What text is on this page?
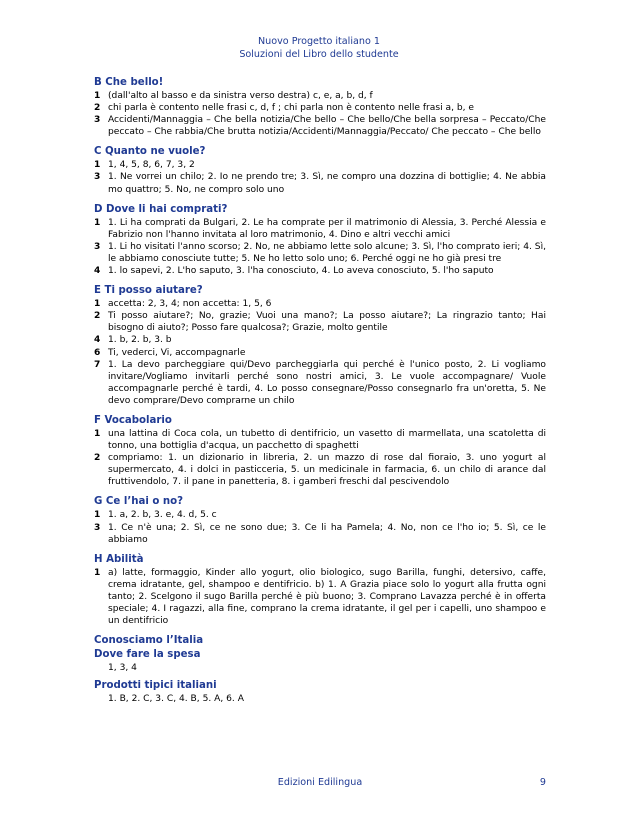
Nuovo Progetto italiano 1
Soluzioni del Libro dello studente
B Che bello!
1 (dall'alto al basso e da sinistra verso destra) c, e, a, b, d, f
2 chi parla è contento nelle frasi c, d, f ; chi parla non è contento nelle frasi a, b, e
3 Accidenti/Mannaggia – Che bella notizia/Che bello – Che bello/Che bella sorpresa – Peccato/Che peccato – Che rabbia/Che brutta notizia/Accidenti/Mannaggia/Peccato/ Che peccato – Che bello
C Quanto ne vuole?
1 1, 4, 5, 8, 6, 7, 3, 2
3 1. Ne vorrei un chilo; 2. Io ne prendo tre; 3. Sì, ne compro una dozzina di bottiglie; 4. Ne abbia mo quattro; 5. No, ne compro solo uno
D Dove li hai comprati?
1 1. Li ha comprati da Bulgari, 2. Le ha comprate per il matrimonio di Alessia, 3. Perché Alessia e Fabrizio non l'hanno invitata al loro matrimonio, 4. Dino e altri vecchi amici
3 1. Li ho visitati l'anno scorso; 2. No, ne abbiamo lette solo alcune; 3. Sì, l'ho comprato ieri; 4. Sì, le abbiamo conosciute tutte; 5. Ne ho letto solo uno; 6. Perché oggi ne ho già presi tre
4 1. lo sapevi, 2. L'ho saputo, 3. l'ha conosciuto, 4. Lo aveva conosciuto, 5. l'ho saputo
E Ti posso aiutare?
1 accetta: 2, 3, 4; non accetta: 1, 5, 6
2 Ti posso aiutare?; No, grazie; Vuoi una mano?; La posso aiutare?; La ringrazio tanto; Hai bisogno di aiuto?; Posso fare qualcosa?; Grazie, molto gentile
4 1. b, 2. b, 3. b
6 Ti, vederci, Vi, accompagnarle
7 1. La devo parcheggiare qui/Devo parcheggiarla qui perché è l'unico posto, 2. Li vogliamo invitare/Vogliamo invitarli perché sono nostri amici, 3. Le vuole accompagnare/ Vuole accompagnarle perché è tardi, 4. Lo posso consegnare/Posso consegnarlo fra un'oretta, 5. Ne devo comprare/Devo comprarne un chilo
F Vocabolario
1 una lattina di Coca cola, un tubetto di dentifricio, un vasetto di marmellata, una scatoletta di tonno, una bottiglia d'acqua, un pacchetto di spaghetti
2 compriamo: 1. un dizionario in libreria, 2. un mazzo di rose dal fioraio, 3. uno yogurt al supermercato, 4. i dolci in pasticceria, 5. un medicinale in farmacia, 6. un chilo di arance dal fruttivendolo, 7. il pane in panetteria, 8. i gamberi freschi dal pescivendolo
G Ce l’hai o no?
1 1. a, 2. b, 3. e, 4. d, 5. c
3 1. Ce n'è una; 2. Sì, ce ne sono due; 3. Ce li ha Pamela; 4. No, non ce l'ho io; 5. Sì, ce le abbiamo
H Abilità
1 a) latte, formaggio, Kinder allo yogurt, olio biologico, sugo Barilla, funghi, detersivo, caffe, crema idratante, gel, shampoo e dentifricio. b) 1. A Grazia piace solo lo yogurt alla frutta ogni tanto; 2. Scelgono il sugo Barilla perché è più buono; 3. Comprano Lavazza perché è in offerta speciale; 4. I ragazzi, alla fine, comprano la crema idratante, il gel per i capelli, uno shampoo e un dentifricio
Conosciamo l’Italia
Dove fare la spesa
1, 3, 4
Prodotti tipici italiani
1. B, 2. C, 3. C, 4. B, 5. A, 6. A
Edizioni Edilingua	9
